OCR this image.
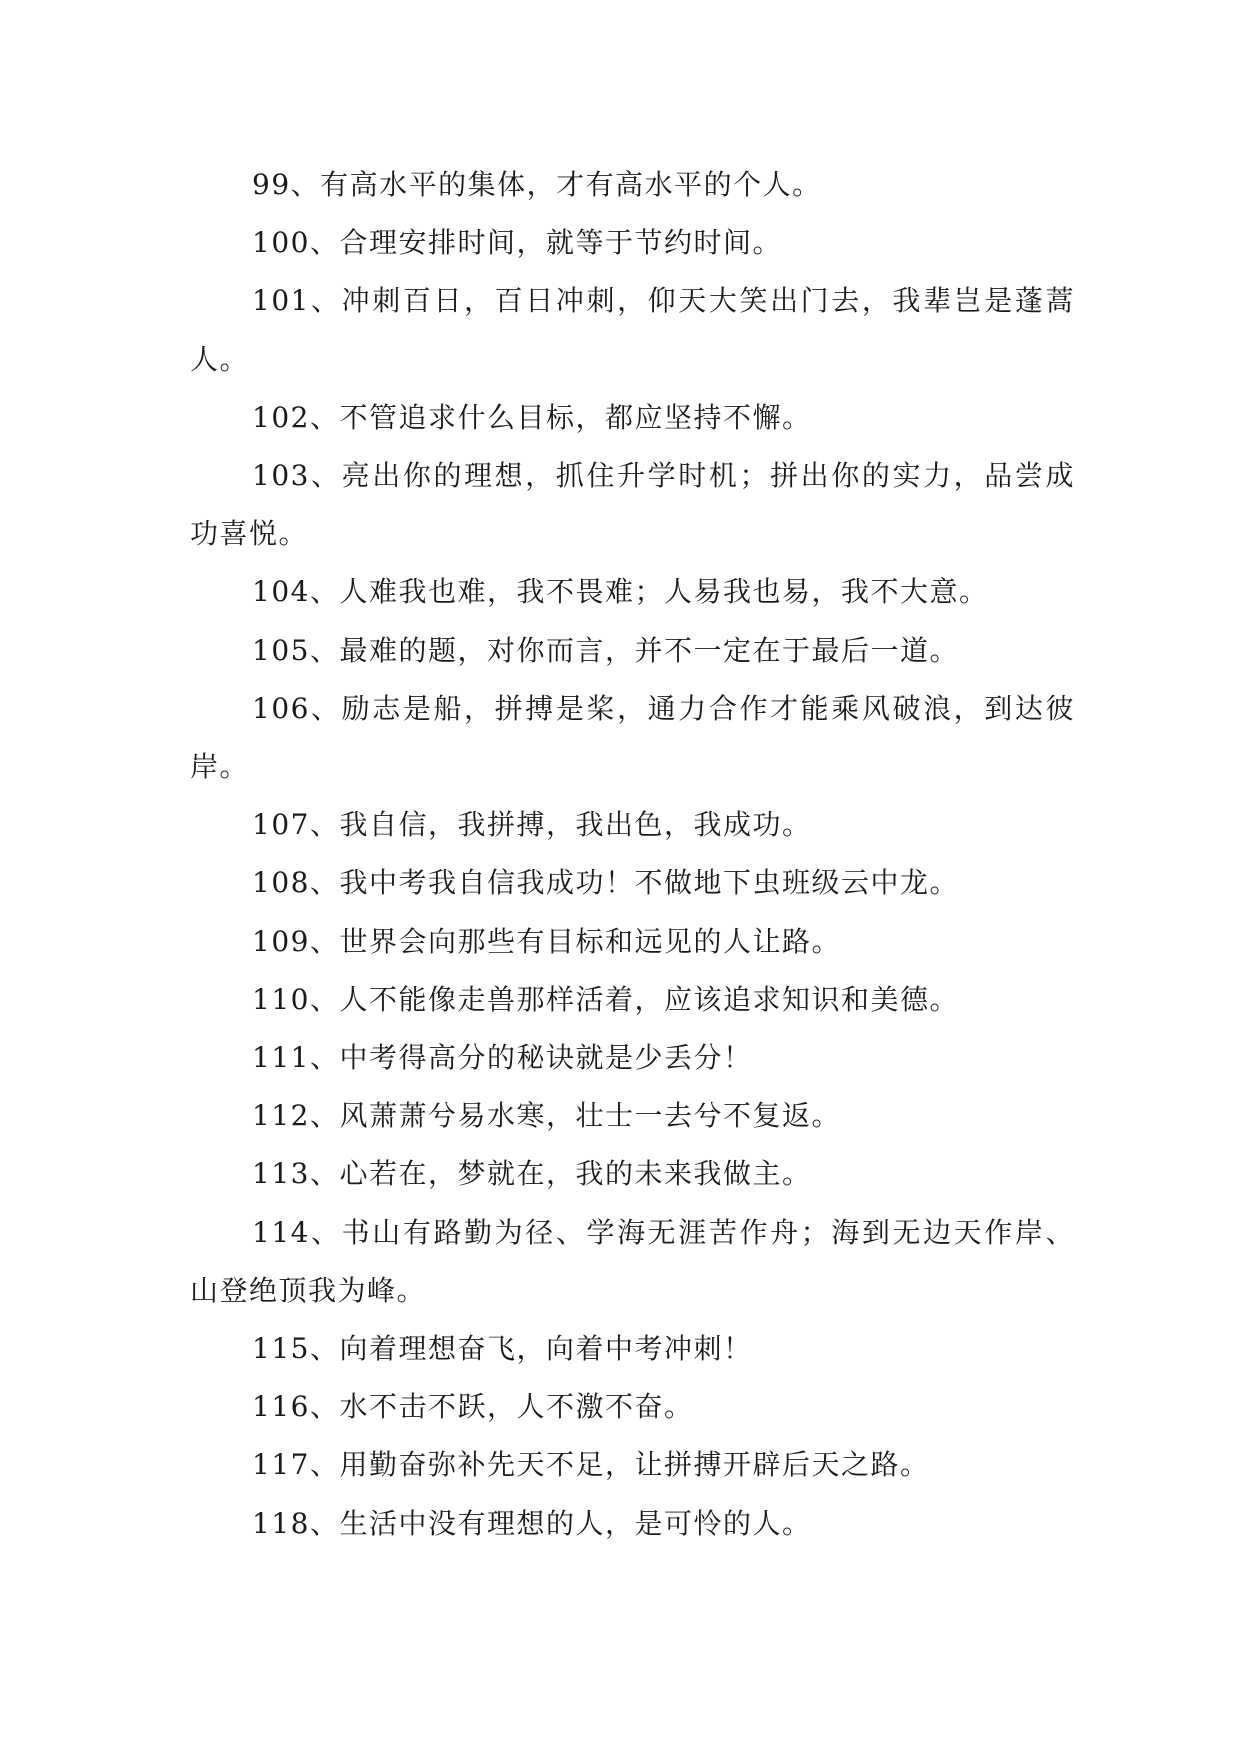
99、有高水平的集体，才有高水平的个人。

100、合理安排时间，就等于节约时间。

101、冲刺百日，百日冲刺，仰天大笑出门去，我辈岂是蓬蒿人。

102、不管追求什么目标，都应坚持不懈。

103、亮出你的理想，抓住升学时机；拼出你的实力，品尝成功喜悦。

104、人难我也难，我不畏难；人易我也易，我不大意。

105、最难的题，对你而言，并不一定在于最后一道。

106、励志是船，拼搏是桨，通力合作才能乘风破浪，到达彼岸。

107、我自信，我拼搏，我出色，我成功。

108、我中考我自信我成功！不做地下虫班级云中龙。

109、世界会向那些有目标和远见的人让路。

110、人不能像走兽那样活着，应该追求知识和美德。

111、中考得高分的秘诀就是少丢分！

112、风萧萧兮易水寒，壮士一去兮不复返。

113、心若在，梦就在，我的未来我做主。

114、书山有路勤为径、学海无涯苦作舟；海到无边天作岸、山登绝顶我为峰。

115、向着理想奋飞，向着中考冲刺！

116、水不击不跃，人不激不奋。

117、用勤奋弥补先天不足，让拼搏开辟后天之路。

118、生活中没有理想的人，是可怜的人。
